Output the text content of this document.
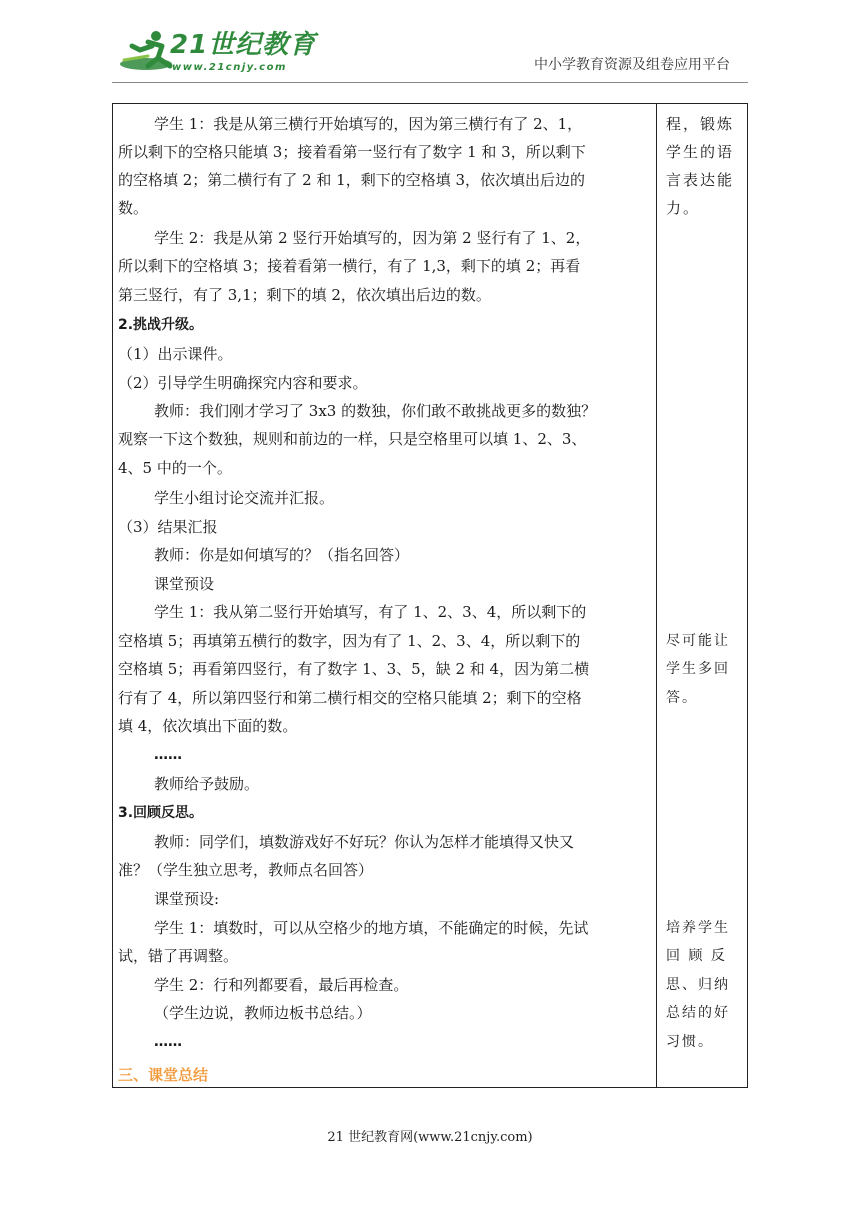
21世纪教育
www.21cnjy.com	中小学教育资源及组卷应用平台
学生 1：我是从第三横行开始填写的，因为第三横行有了 2、1，
所以剩下的空格只能填 3；接着看第一竖行有了数字 1 和 3，所以剩下
的空格填 2；第二横行有了 2 和 1，剩下的空格填 3，依次填出后边的
数。
学生 2：我是从第 2 竖行开始填写的，因为第 2 竖行有了 1、2，
所以剩下的空格填 3；接着看第一横行，有了 1,3，剩下的填 2；再看
第三竖行，有了 3,1；剩下的填 2，依次填出后边的数。
2.挑战升级。
（1）出示课件。
（2）引导学生明确探究内容和要求。
教师：我们刚才学习了 3x3 的数独，你们敢不敢挑战更多的数独？
观察一下这个数独，规则和前边的一样，只是空格里可以填 1、2、3、
4、5 中的一个。
学生小组讨论交流并汇报。
（3）结果汇报
教师：你是如何填写的？（指名回答）
课堂预设
学生 1：我从第二竖行开始填写，有了 1、2、3、4，所以剩下的
空格填 5；再填第五横行的数字，因为有了 1、2、3、4，所以剩下的
空格填 5；再看第四竖行，有了数字 1、3、5，缺 2 和 4，因为第二横
行有了 4，所以第四竖行和第二横行相交的空格只能填 2；剩下的空格
填 4，依次填出下面的数。
……
教师给予鼓励。
3.回顾反思。
教师：同学们，填数游戏好不好玩？你认为怎样才能填得又快又
准？（学生独立思考，教师点名回答）
课堂预设:
学生 1：填数时，可以从空格少的地方填，不能确定的时候，先试
试，错了再调整。
学生 2：行和列都要看，最后再检查。
（学生边说，教师边板书总结。）
……
三、课堂总结
程，锻炼
学生的语
言表达能
力。
尽可能让
学生多回
答。
培养学生
回 顾 反
思、归纳
总结的好
习惯。
21 世纪教育网(www.21cnjy.com)
